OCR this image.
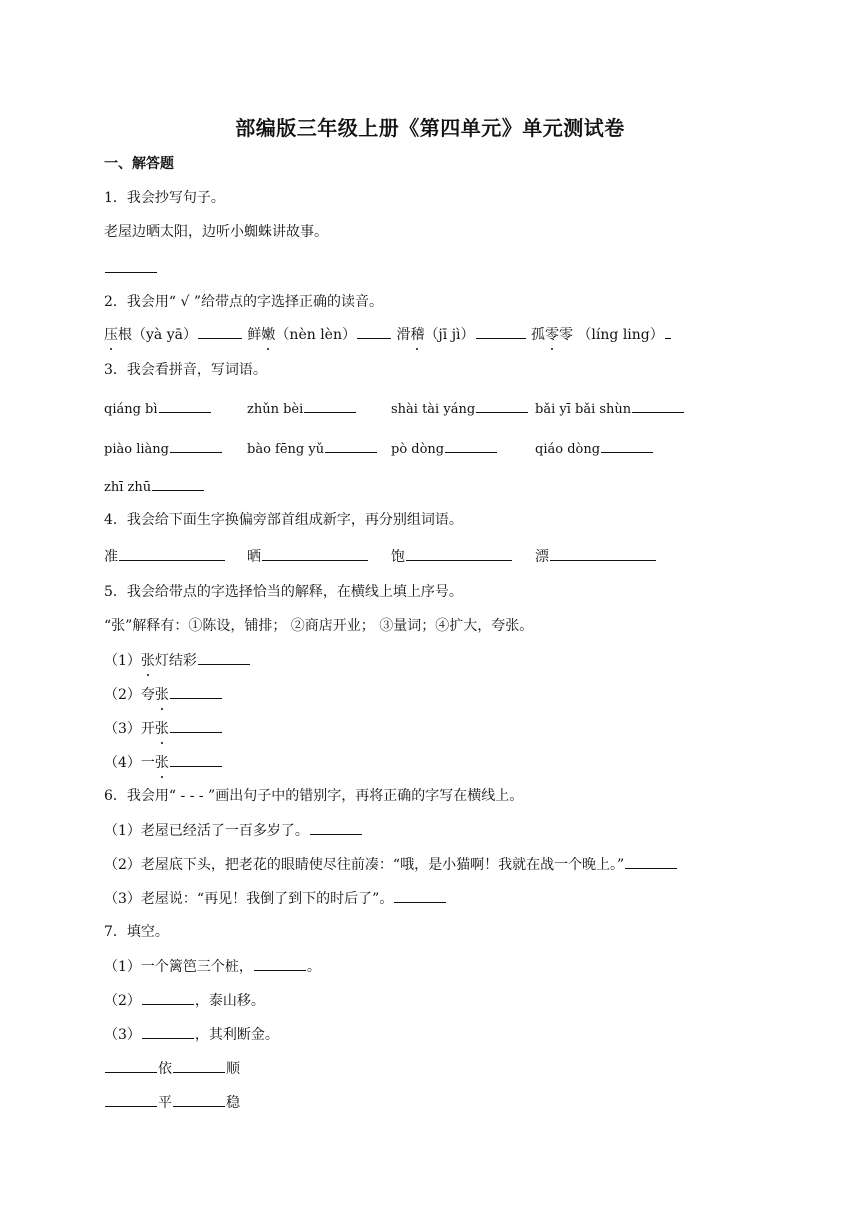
部编版三年级上册《第四单元》单元测试卷
一、解答题
1．我会抄写句子。
老屋边晒太阳，边听小蜘蛛讲故事。
2．我会用“ √ ”给带点的字选择正确的读音。
压根（yà yā）	鲜嫩（nèn lèn）	滑稽（jī jì）	孤零零 （líng ling）
3．我会看拼音，写词语。
qiáng bì	zhǔn bèi	shài tài yáng	bǎi yī bǎi shùn
piào liàng	bào fēng yǔ	pò dòng	qiáo dòng
zhī zhū
4．我会给下面生字换偏旁部首组成新字，再分别组词语。
准	晒	饱	漂
5．我会给带点的字选择恰当的解释，在横线上填上序号。
“张”解释有：①陈设，铺排； ②商店开业； ③量词；④扩大，夸张。
（1）张灯结彩
（2）夸张
（3）开张
（4）一张
6．我会用“ - - - ”画出句子中的错别字，再将正确的字写在横线上。
（1）老屋已经活了一百多岁了。
（2）老屋底下头，把老花的眼睛使尽往前凑：“哦，是小猫啊！我就在战一个晚上。”
（3）老屋说：“再见！我倒了到下的时后了”。
7．填空。
（1）一个篱笆三个桩，	。
（2）	，泰山移。
（3）	，其利断金。
依	顺
平	稳
